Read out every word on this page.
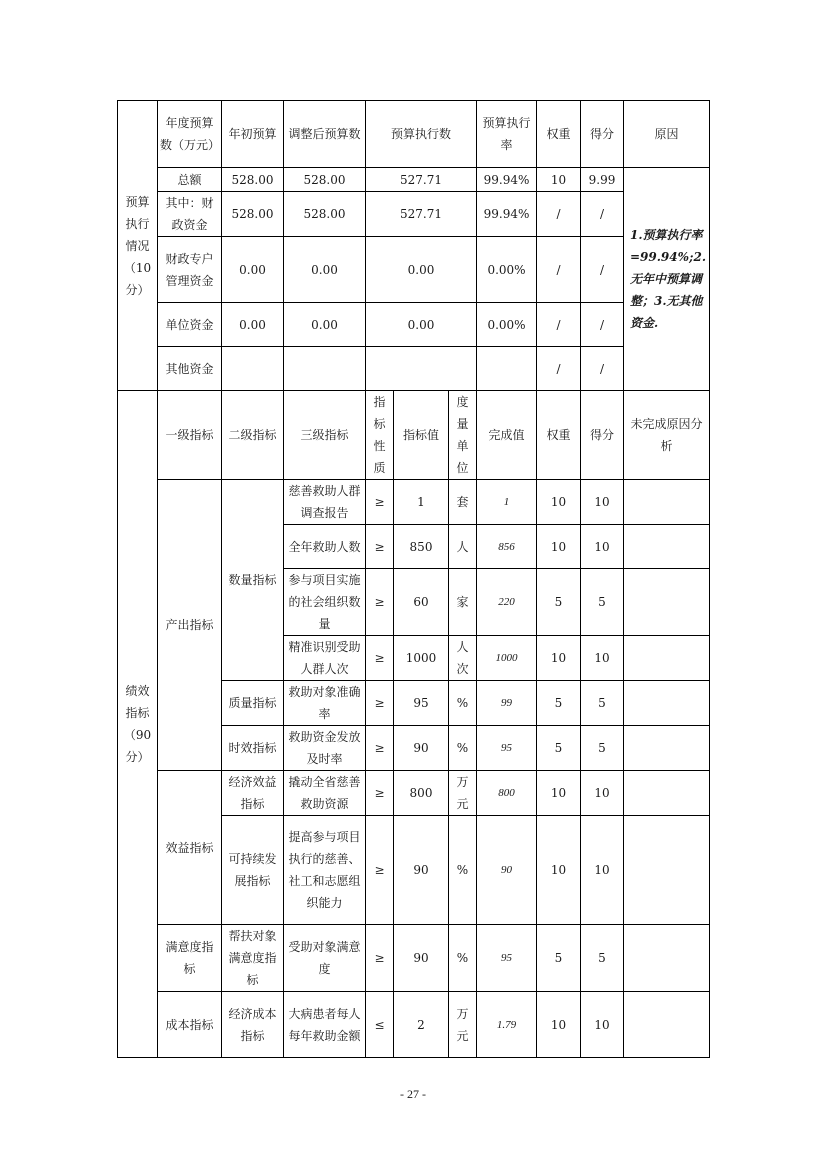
预算执行情况（10分）	年度预算数（万元）	年初预算	调整后预算数	预算执行数			预算执行率	权重	得分	原因
	总额	528.00	528.00	527.71			99.94%	10	9.99	1.预算执行率=99.94%;2.无年中预算调整；3.无其他资金.
	其中：财政资金	528.00	528.00	527.71			99.94%	/	/	
	财政专户管理资金	0.00	0.00	0.00			0.00%	/	/	
	单位资金	0.00	0.00	0.00			0.00%	/	/	
	其他资金							/	/	
绩效指标（90分）	一级指标	二级指标	三级指标	指标性质	指标值	度量单位	完成值	权重	得分	未完成原因分析
	产出指标	数量指标	慈善救助人群调查报告	≥	1	套	1	10	10	
			全年救助人数	≥	850	人	856	10	10	
			参与项目实施的社会组织数量	≥	60	家	220	5	5	
			精准识别受助人群人次	≥	1000	人次	1000	10	10	
		质量指标	救助对象准确率	≥	95	%	99	5	5	
		时效指标	救助资金发放及时率	≥	90	%	95	5	5	
	效益指标	经济效益指标	撬动全省慈善救助资源	≥	800	万元	800	10	10	
		可持续发展指标	提高参与项目执行的慈善、社工和志愿组织能力	≥	90	%	90	10	10	
	满意度指标	帮扶对象满意度指标	受助对象满意度	≥	90	%	95	5	5	
	成本指标	经济成本指标	大病患者每人每年救助金额	≤	2	万元	1.79	10	10	
- 27 -
